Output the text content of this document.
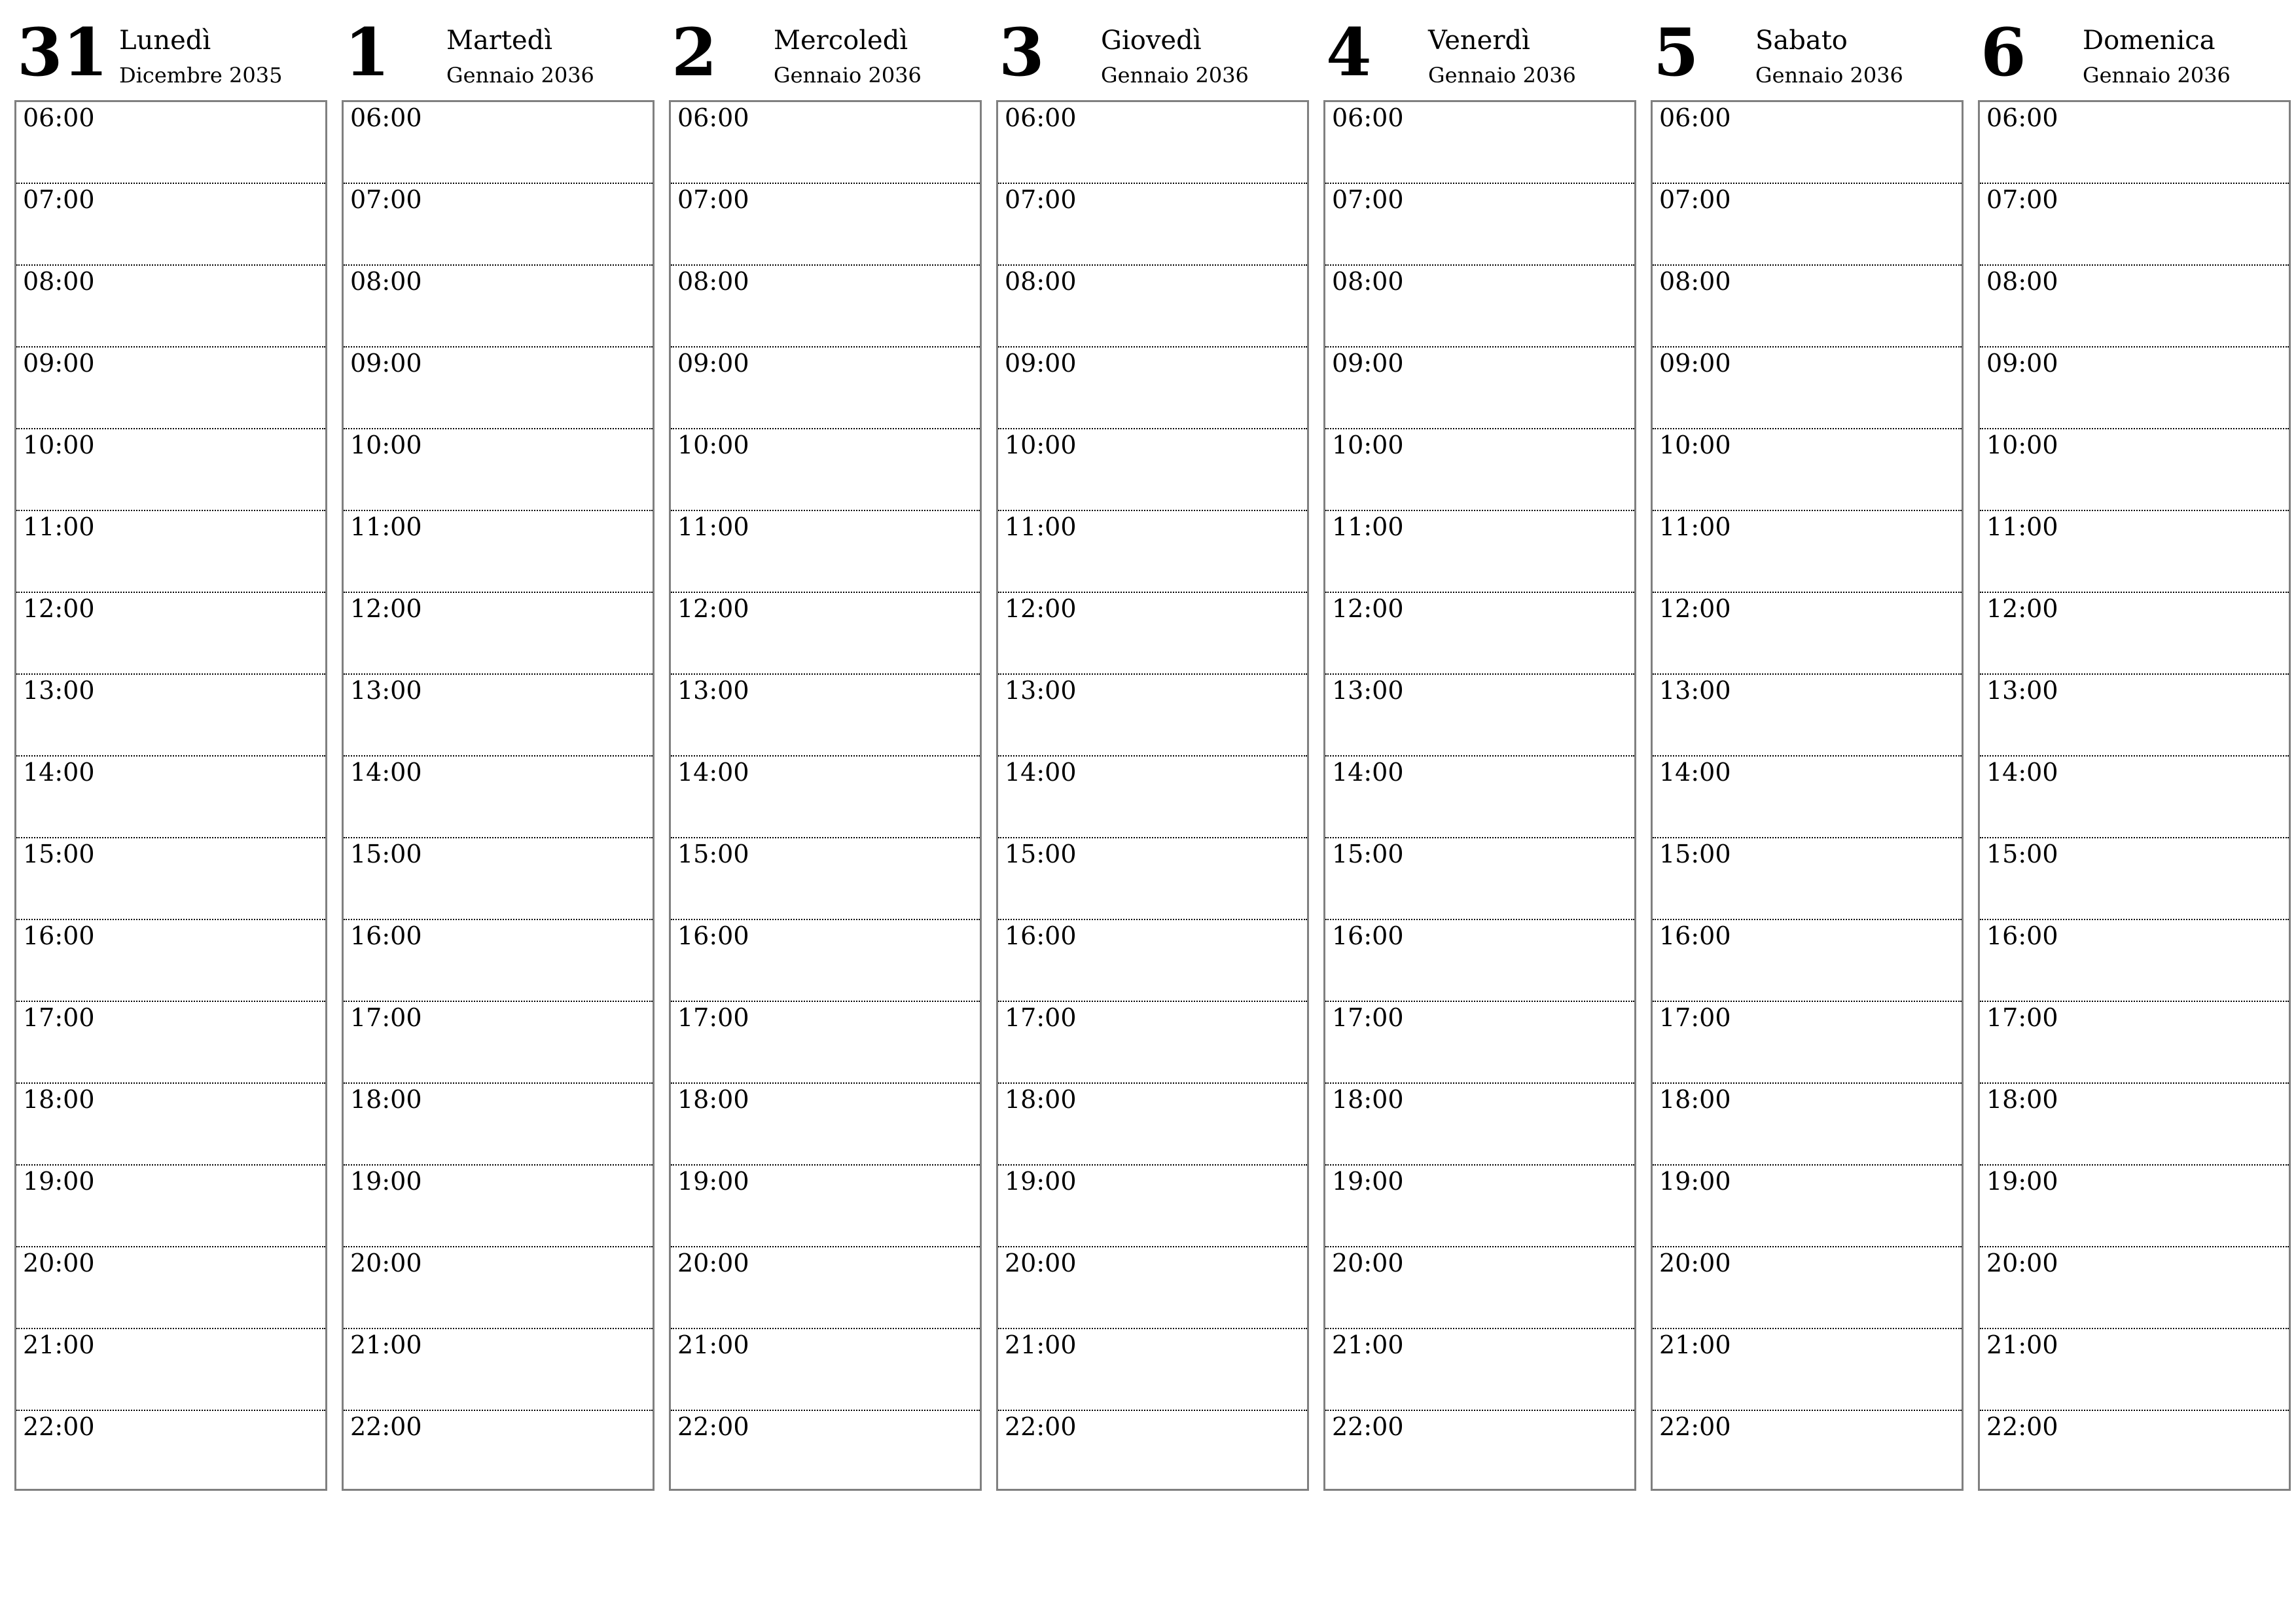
31 Lunedì
Dicembre 2035
06:00
07:00
08:00
09:00
10:00
11:00
12:00
13:00
14:00
15:00
16:00
17:00
18:00
19:00
20:00
21:00
22:00
1 Martedì
Gennaio 2036
06:00
07:00
08:00
09:00
10:00
11:00
12:00
13:00
14:00
15:00
16:00
17:00
18:00
19:00
20:00
21:00
22:00
2 Mercoledì
Gennaio 2036
06:00
07:00
08:00
09:00
10:00
11:00
12:00
13:00
14:00
15:00
16:00
17:00
18:00
19:00
20:00
21:00
22:00
3 Giovedì
Gennaio 2036
06:00
07:00
08:00
09:00
10:00
11:00
12:00
13:00
14:00
15:00
16:00
17:00
18:00
19:00
20:00
21:00
22:00
4 Venerdì
Gennaio 2036
06:00
07:00
08:00
09:00
10:00
11:00
12:00
13:00
14:00
15:00
16:00
17:00
18:00
19:00
20:00
21:00
22:00
5 Sabato
Gennaio 2036
06:00
07:00
08:00
09:00
10:00
11:00
12:00
13:00
14:00
15:00
16:00
17:00
18:00
19:00
20:00
21:00
22:00
6 Domenica
Gennaio 2036
06:00
07:00
08:00
09:00
10:00
11:00
12:00
13:00
14:00
15:00
16:00
17:00
18:00
19:00
20:00
21:00
22:00
